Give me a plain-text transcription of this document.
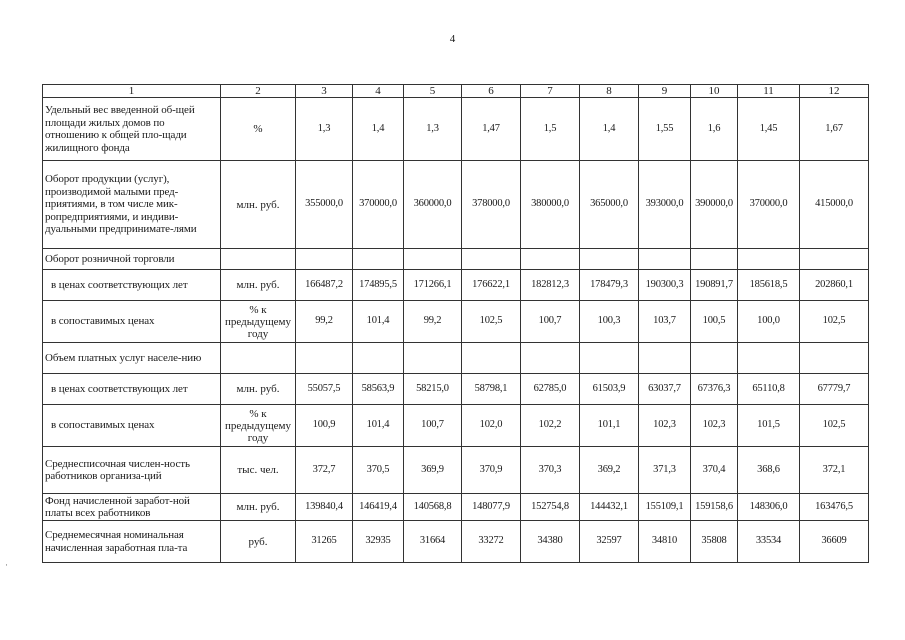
4
1	2	3	4	5	6	7	8	9	10	11	12
Удельный вес введенной об-щей площади жилых домов по отношению к общей пло-щади жилищного фонда	%	1,3	1,4	1,3	1,47	1,5	1,4	1,55	1,6	1,45	1,67
Оборот продукции (услуг), производимой малыми пред-приятиями, в том числе мик-ропредприятиями, и индиви-дуальными предпринимате-лями	млн. руб.	355000,0	370000,0	360000,0	378000,0	380000,0	365000,0	393000,0	390000,0	370000,0	415000,0
Оборот розничной торговли											
в ценах соответствующих лет	млн. руб.	166487,2	174895,5	171266,1	176622,1	182812,3	178479,3	190300,3	190891,7	185618,5	202860,1
в сопоставимых ценах	% к предыдущему году	99,2	101,4	99,2	102,5	100,7	100,3	103,7	100,5	100,0	102,5
Объем платных услуг населе-нию											
в ценах соответствующих лет	млн. руб.	55057,5	58563,9	58215,0	58798,1	62785,0	61503,9	63037,7	67376,3	65110,8	67779,7
в сопоставимых ценах	% к предыдущему году	100,9	101,4	100,7	102,0	102,2	101,1	102,3	102,3	101,5	102,5
Среднесписочная числен-ность работников организа-ций	тыс. чел.	372,7	370,5	369,9	370,9	370,3	369,2	371,3	370,4	368,6	372,1
Фонд начисленной заработ-ной платы всех работников	млн. руб.	139840,4	146419,4	140568,8	148077,9	152754,8	144432,1	155109,1	159158,6	148306,0	163476,5
Среднемесячная номинальная начисленная заработная пла-та	руб.	31265	32935	31664	33272	34380	32597	34810	35808	33534	36609
·
